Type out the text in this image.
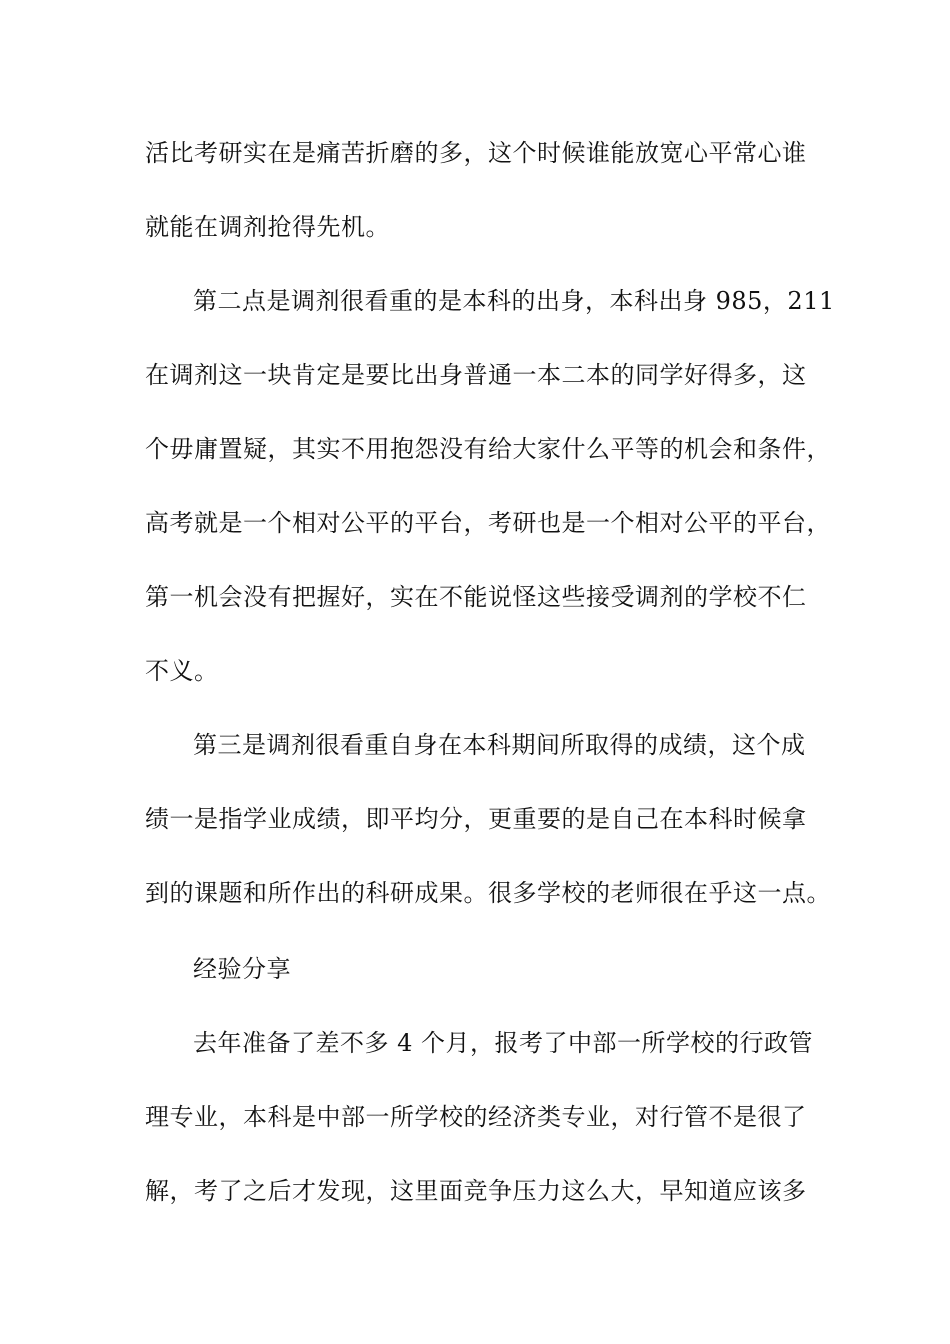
活比考研实在是痛苦折磨的多，这个时候谁能放宽心平常心谁
就能在调剂抢得先机。
第二点是调剂很看重的是本科的出身，本科出身 985，211
在调剂这一块肯定是要比出身普通一本二本的同学好得多，这
个毋庸置疑，其实不用抱怨没有给大家什么平等的机会和条件，
高考就是一个相对公平的平台，考研也是一个相对公平的平台，
第一机会没有把握好，实在不能说怪这些接受调剂的学校不仁
不义。
第三是调剂很看重自身在本科期间所取得的成绩，这个成
绩一是指学业成绩，即平均分，更重要的是自己在本科时候拿
到的课题和所作出的科研成果。很多学校的老师很在乎这一点。
经验分享
去年准备了差不多 4 个月，报考了中部一所学校的行政管
理专业，本科是中部一所学校的经济类专业，对行管不是很了
解，考了之后才发现，这里面竞争压力这么大，早知道应该多
